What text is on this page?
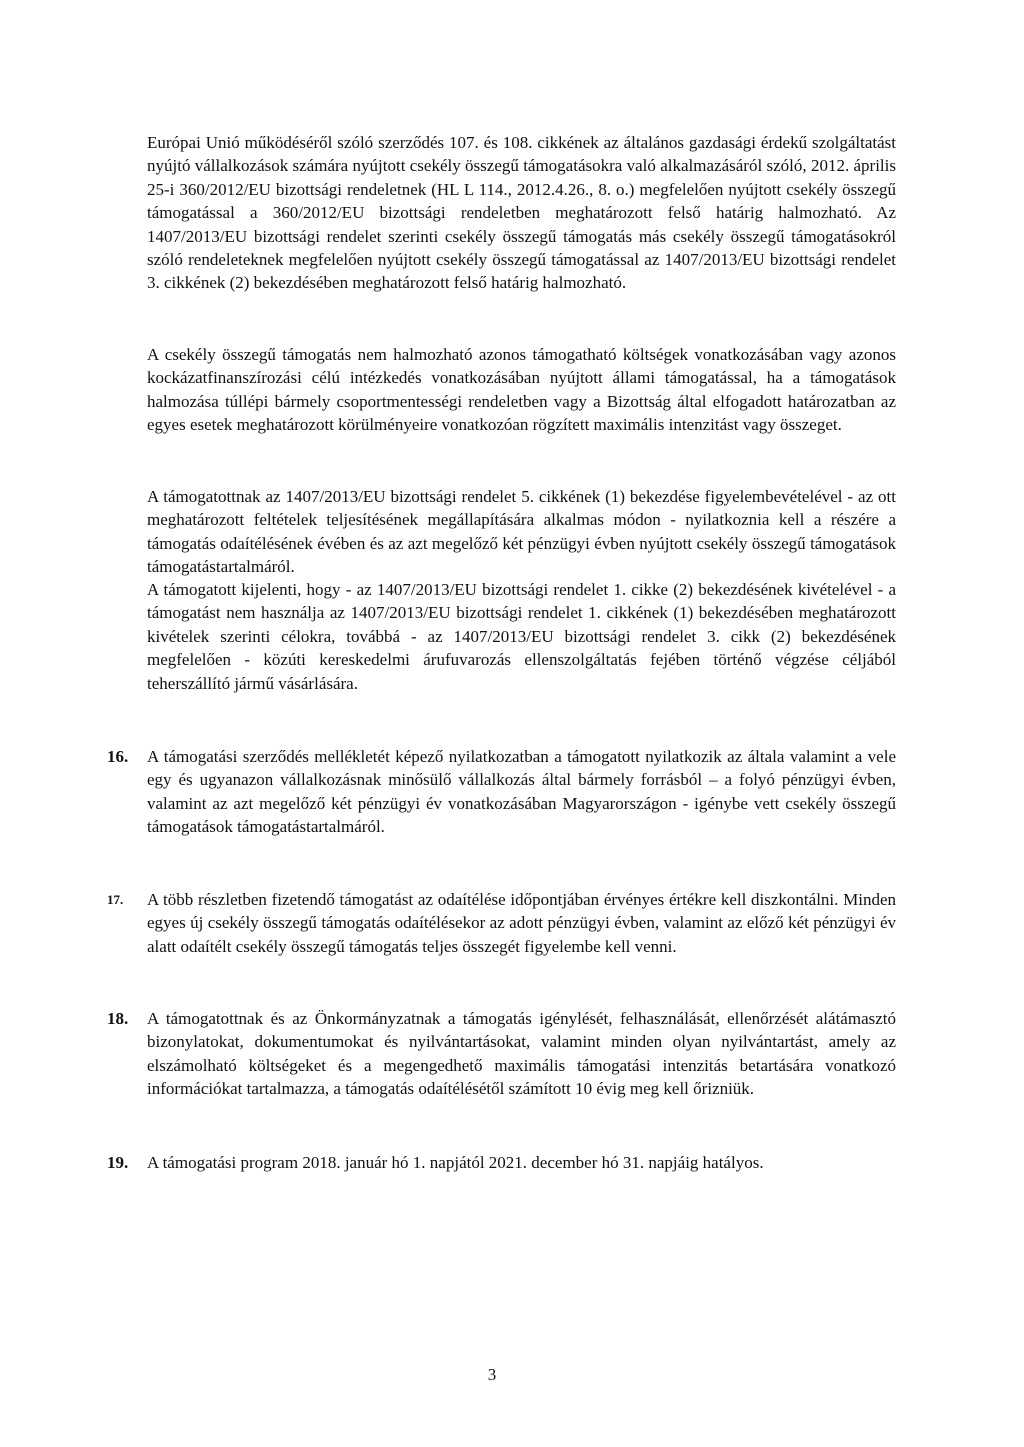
Európai Unió működéséről szóló szerződés 107. és 108. cikkének az általános gazdasági érdekű szolgáltatást nyújtó vállalkozások számára nyújtott csekély összegű támogatásokra való alkalmazásáról szóló, 2012. április 25-i 360/2012/EU bizottsági rendeletnek (HL L 114., 2012.4.26., 8. o.) megfelelően nyújtott csekély összegű támogatással a 360/2012/EU bizottsági rendeletben meghatározott felső határig halmozható. Az 1407/2013/EU bizottsági rendelet szerinti csekély összegű támogatás más csekély összegű támogatásokról szóló rendeleteknek megfelelően nyújtott csekély összegű támogatással az 1407/2013/EU bizottsági rendelet 3. cikkének (2) bekezdésében meghatározott felső határig halmozható.

A csekély összegű támogatás nem halmozható azonos támogatható költségek vonatkozásában vagy azonos kockázatfinanszírozási célú intézkedés vonatkozásában nyújtott állami támogatással, ha a támogatások halmozása túllépi bármely csoportmentességi rendeletben vagy a Bizottság által elfogadott határozatban az egyes esetek meghatározott körülményeire vonatkozóan rögzített maximális intenzitást vagy összeget.

A támogatottnak az 1407/2013/EU bizottsági rendelet 5. cikkének (1) bekezdése figyelembevételével - az ott meghatározott feltételek teljesítésének megállapítására alkalmas módon - nyilatkoznia kell a részére a támogatás odaítélésének évében és az azt megelőző két pénzügyi évben nyújtott csekély összegű támogatások támogatástartalmáról.

A támogatott kijelenti, hogy - az 1407/2013/EU bizottsági rendelet 1. cikke (2) bekezdésének kivételével - a támogatást nem használja az 1407/2013/EU bizottsági rendelet 1. cikkének (1) bekezdésében meghatározott kivételek szerinti célokra, továbbá - az 1407/2013/EU bizottsági rendelet 3. cikk (2) bekezdésének megfelelően - közúti kereskedelmi árufuvarozás ellenszolgáltatás fejében történő végzése céljából teherszállító jármű vásárlására.

16.	A támogatási szerződés mellékletét képező nyilatkozatban a támogatott nyilatkozik az általa valamint a vele egy és ugyanazon vállalkozásnak minősülő vállalkozás által bármely forrásból – a folyó pénzügyi évben, valamint az azt megelőző két pénzügyi év vonatkozásában Magyarországon - igénybe vett csekély összegű támogatások támogatástartalmáról.
17.	A több részletben fizetendő támogatást az odaítélése időpontjában érvényes értékre kell diszkontálni. Minden egyes új csekély összegű támogatás odaítélésekor az adott pénzügyi évben, valamint az előző két pénzügyi év alatt odaítélt csekély összegű támogatás teljes összegét figyelembe kell venni.
18.	A támogatottnak és az Önkormányzatnak a támogatás igénylését, felhasználását, ellenőrzését alátámasztó bizonylatokat, dokumentumokat és nyilvántartásokat, valamint minden olyan nyilvántartást, amely az elszámolható költségeket és a megengedhető maximális támogatási intenzitás betartására vonatkozó információkat tartalmazza, a támogatás odaítélésétől számított 10 évig meg kell őrizniük.
19.	A támogatási program 2018. január hó 1. napjától 2021. december hó 31. napjáig hatályos.
3
